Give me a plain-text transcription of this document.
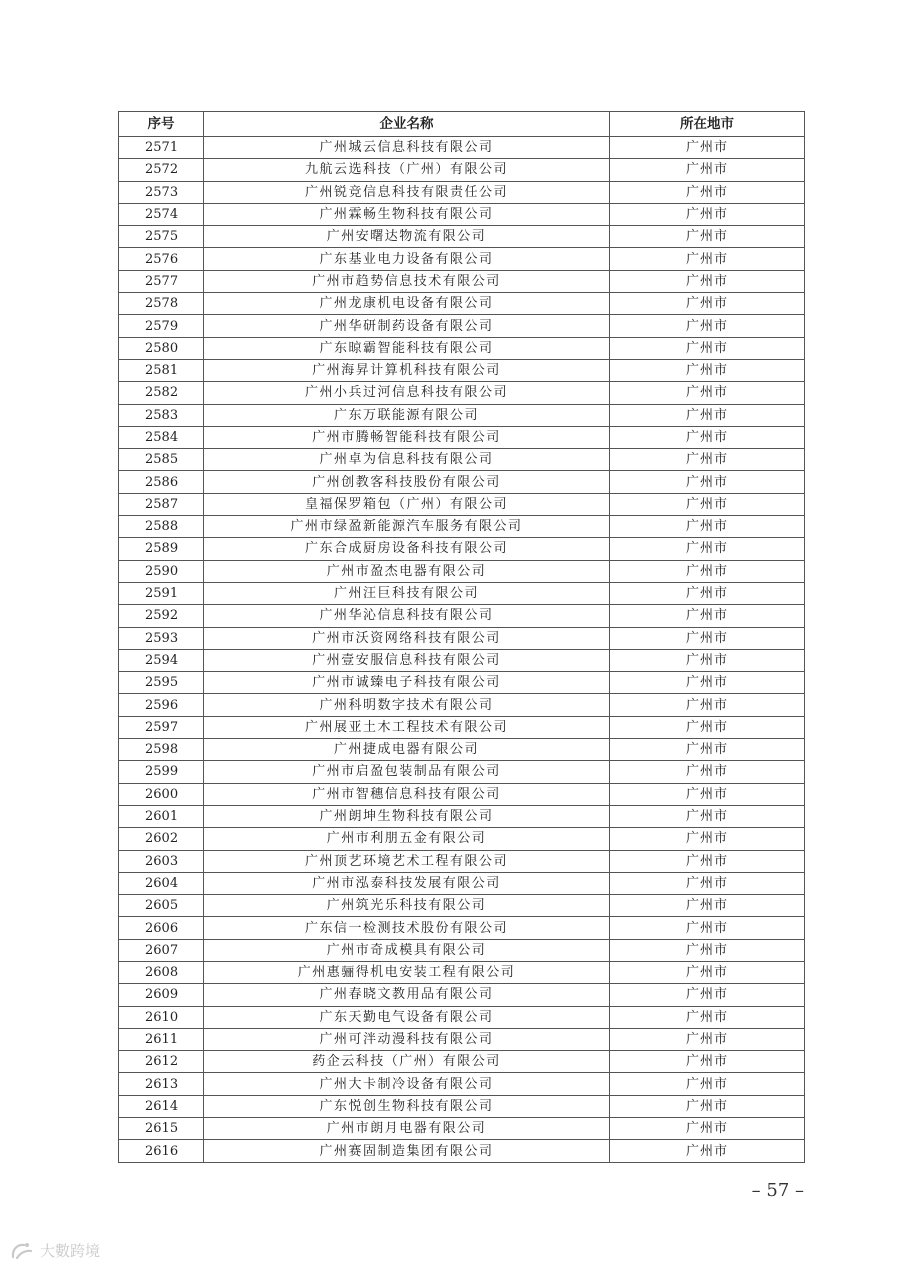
序号	企业名称	所在地市
2571	广州城云信息科技有限公司	广州市
2572	九航云选科技（广州）有限公司	广州市
2573	广州锐竞信息科技有限责任公司	广州市
2574	广州霖畅生物科技有限公司	广州市
2575	广州安曙达物流有限公司	广州市
2576	广东基业电力设备有限公司	广州市
2577	广州市趋势信息技术有限公司	广州市
2578	广州龙康机电设备有限公司	广州市
2579	广州华研制药设备有限公司	广州市
2580	广东晾霸智能科技有限公司	广州市
2581	广州海昇计算机科技有限公司	广州市
2582	广州小兵过河信息科技有限公司	广州市
2583	广东万联能源有限公司	广州市
2584	广州市腾畅智能科技有限公司	广州市
2585	广州卓为信息科技有限公司	广州市
2586	广州创教客科技股份有限公司	广州市
2587	皇福保罗箱包（广州）有限公司	广州市
2588	广州市绿盈新能源汽车服务有限公司	广州市
2589	广东合成厨房设备科技有限公司	广州市
2590	广州市盈杰电器有限公司	广州市
2591	广州汪巨科技有限公司	广州市
2592	广州华沁信息科技有限公司	广州市
2593	广州市沃资网络科技有限公司	广州市
2594	广州壹安服信息科技有限公司	广州市
2595	广州市诚臻电子科技有限公司	广州市
2596	广州科明数字技术有限公司	广州市
2597	广州展亚土木工程技术有限公司	广州市
2598	广州捷成电器有限公司	广州市
2599	广州市启盈包装制品有限公司	广州市
2600	广州市智穗信息科技有限公司	广州市
2601	广州朗坤生物科技有限公司	广州市
2602	广州市利朋五金有限公司	广州市
2603	广州顶艺环境艺术工程有限公司	广州市
2604	广州市泓泰科技发展有限公司	广州市
2605	广州筑光乐科技有限公司	广州市
2606	广东信一检测技术股份有限公司	广州市
2607	广州市奇成模具有限公司	广州市
2608	广州惠骊得机电安装工程有限公司	广州市
2609	广州春晓文教用品有限公司	广州市
2610	广东天勤电气设备有限公司	广州市
2611	广州可泮动漫科技有限公司	广州市
2612	药企云科技（广州）有限公司	广州市
2613	广州大卡制冷设备有限公司	广州市
2614	广东悦创生物科技有限公司	广州市
2615	广州市朗月电器有限公司	广州市
2616	广州赛固制造集团有限公司	广州市
– 57 –
大數跨境
